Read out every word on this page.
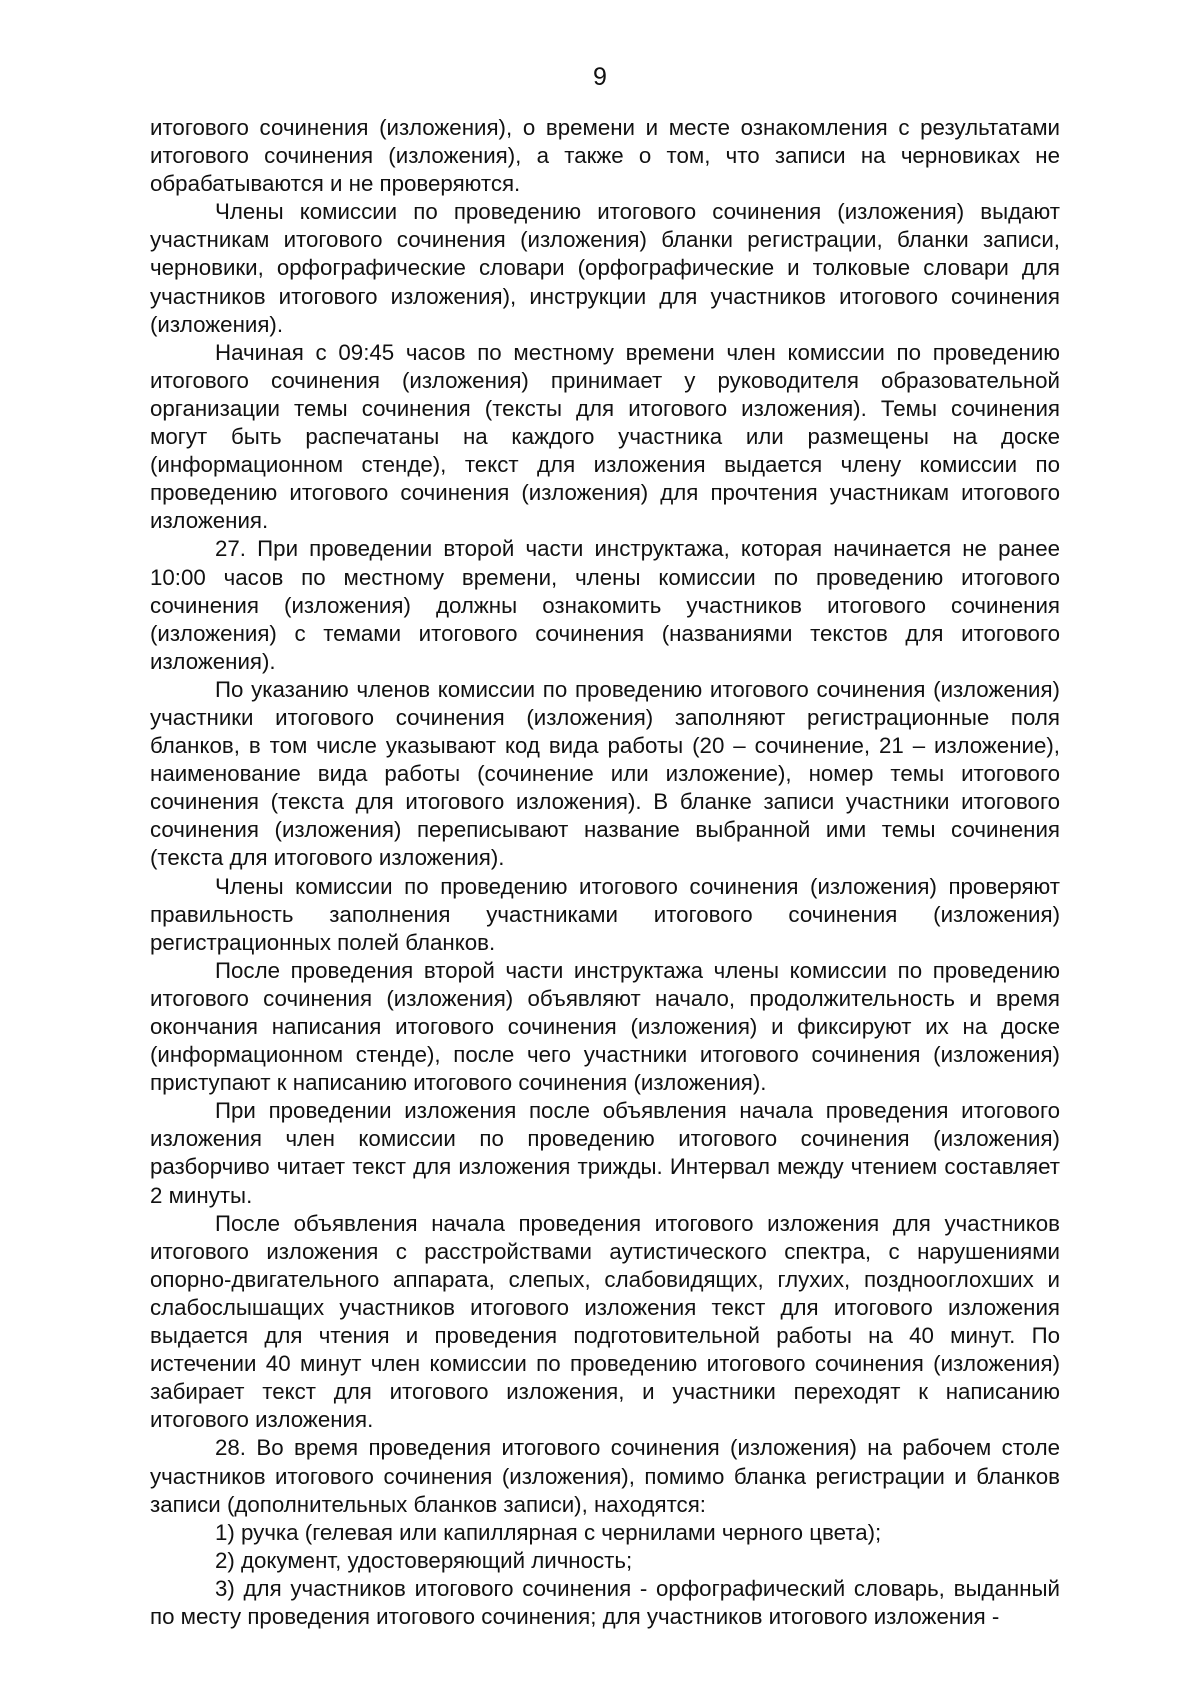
9

итогового сочинения (изложения), о времени и месте ознакомления с результатами итогового сочинения (изложения), а также о том, что записи на черновиках не обрабатываются и не проверяются.

Члены комиссии по проведению итогового сочинения (изложения) выдают участникам итогового сочинения (изложения) бланки регистрации, бланки записи, черновики, орфографические словари (орфографические и толковые словари для участников итогового изложения), инструкции для участников итогового сочинения (изложения).

Начиная с 09:45 часов по местному времени член комиссии по проведению итогового сочинения (изложения) принимает у руководителя образовательной организации темы сочинения (тексты для итогового изложения). Темы сочинения могут быть распечатаны на каждого участника или размещены на доске (информационном стенде), текст для изложения выдается члену комиссии по проведению итогового сочинения (изложения) для прочтения участникам итогового изложения.

27. При проведении второй части инструктажа, которая начинается не ранее 10:00 часов по местному времени, члены комиссии по проведению итогового сочинения (изложения) должны ознакомить участников итогового сочинения (изложения) с темами итогового сочинения (названиями текстов для итогового изложения).

По указанию членов комиссии по проведению итогового сочинения (изложения) участники итогового сочинения (изложения) заполняют регистрационные поля бланков, в том числе указывают код вида работы (20 – сочинение, 21 – изложение), наименование вида работы (сочинение или изложение), номер темы итогового сочинения (текста для итогового изложения). В бланке записи участники итогового сочинения (изложения) переписывают название выбранной ими темы сочинения (текста для итогового изложения).

Члены комиссии по проведению итогового сочинения (изложения) проверяют правильность заполнения участниками итогового сочинения (изложения) регистрационных полей бланков.

После проведения второй части инструктажа члены комиссии по проведению итогового сочинения (изложения) объявляют начало, продолжительность и время окончания написания итогового сочинения (изложения) и фиксируют их на доске (информационном стенде), после чего участники итогового сочинения (изложения) приступают к написанию итогового сочинения (изложения).

При проведении изложения после объявления начала проведения итогового изложения член комиссии по проведению итогового сочинения (изложения) разборчиво читает текст для изложения трижды. Интервал между чтением составляет 2 минуты.

После объявления начала проведения итогового изложения для участников итогового изложения с расстройствами аутистического спектра, с нарушениями опорно-двигательного аппарата, слепых, слабовидящих, глухих, позднооглохших и слабослышащих участников итогового изложения текст для итогового изложения выдается для чтения и проведения подготовительной работы на 40 минут. По истечении 40 минут член комиссии по проведению итогового сочинения (изложения) забирает текст для итогового изложения, и участники переходят к написанию итогового изложения.

28. Во время проведения итогового сочинения (изложения) на рабочем столе участников итогового сочинения (изложения), помимо бланка регистрации и бланков записи (дополнительных бланков записи), находятся:

1) ручка (гелевая или капиллярная с чернилами черного цвета);

2) документ, удостоверяющий личность;

3) для участников итогового сочинения - орфографический словарь, выданный по месту проведения итогового сочинения; для участников итогового изложения -
